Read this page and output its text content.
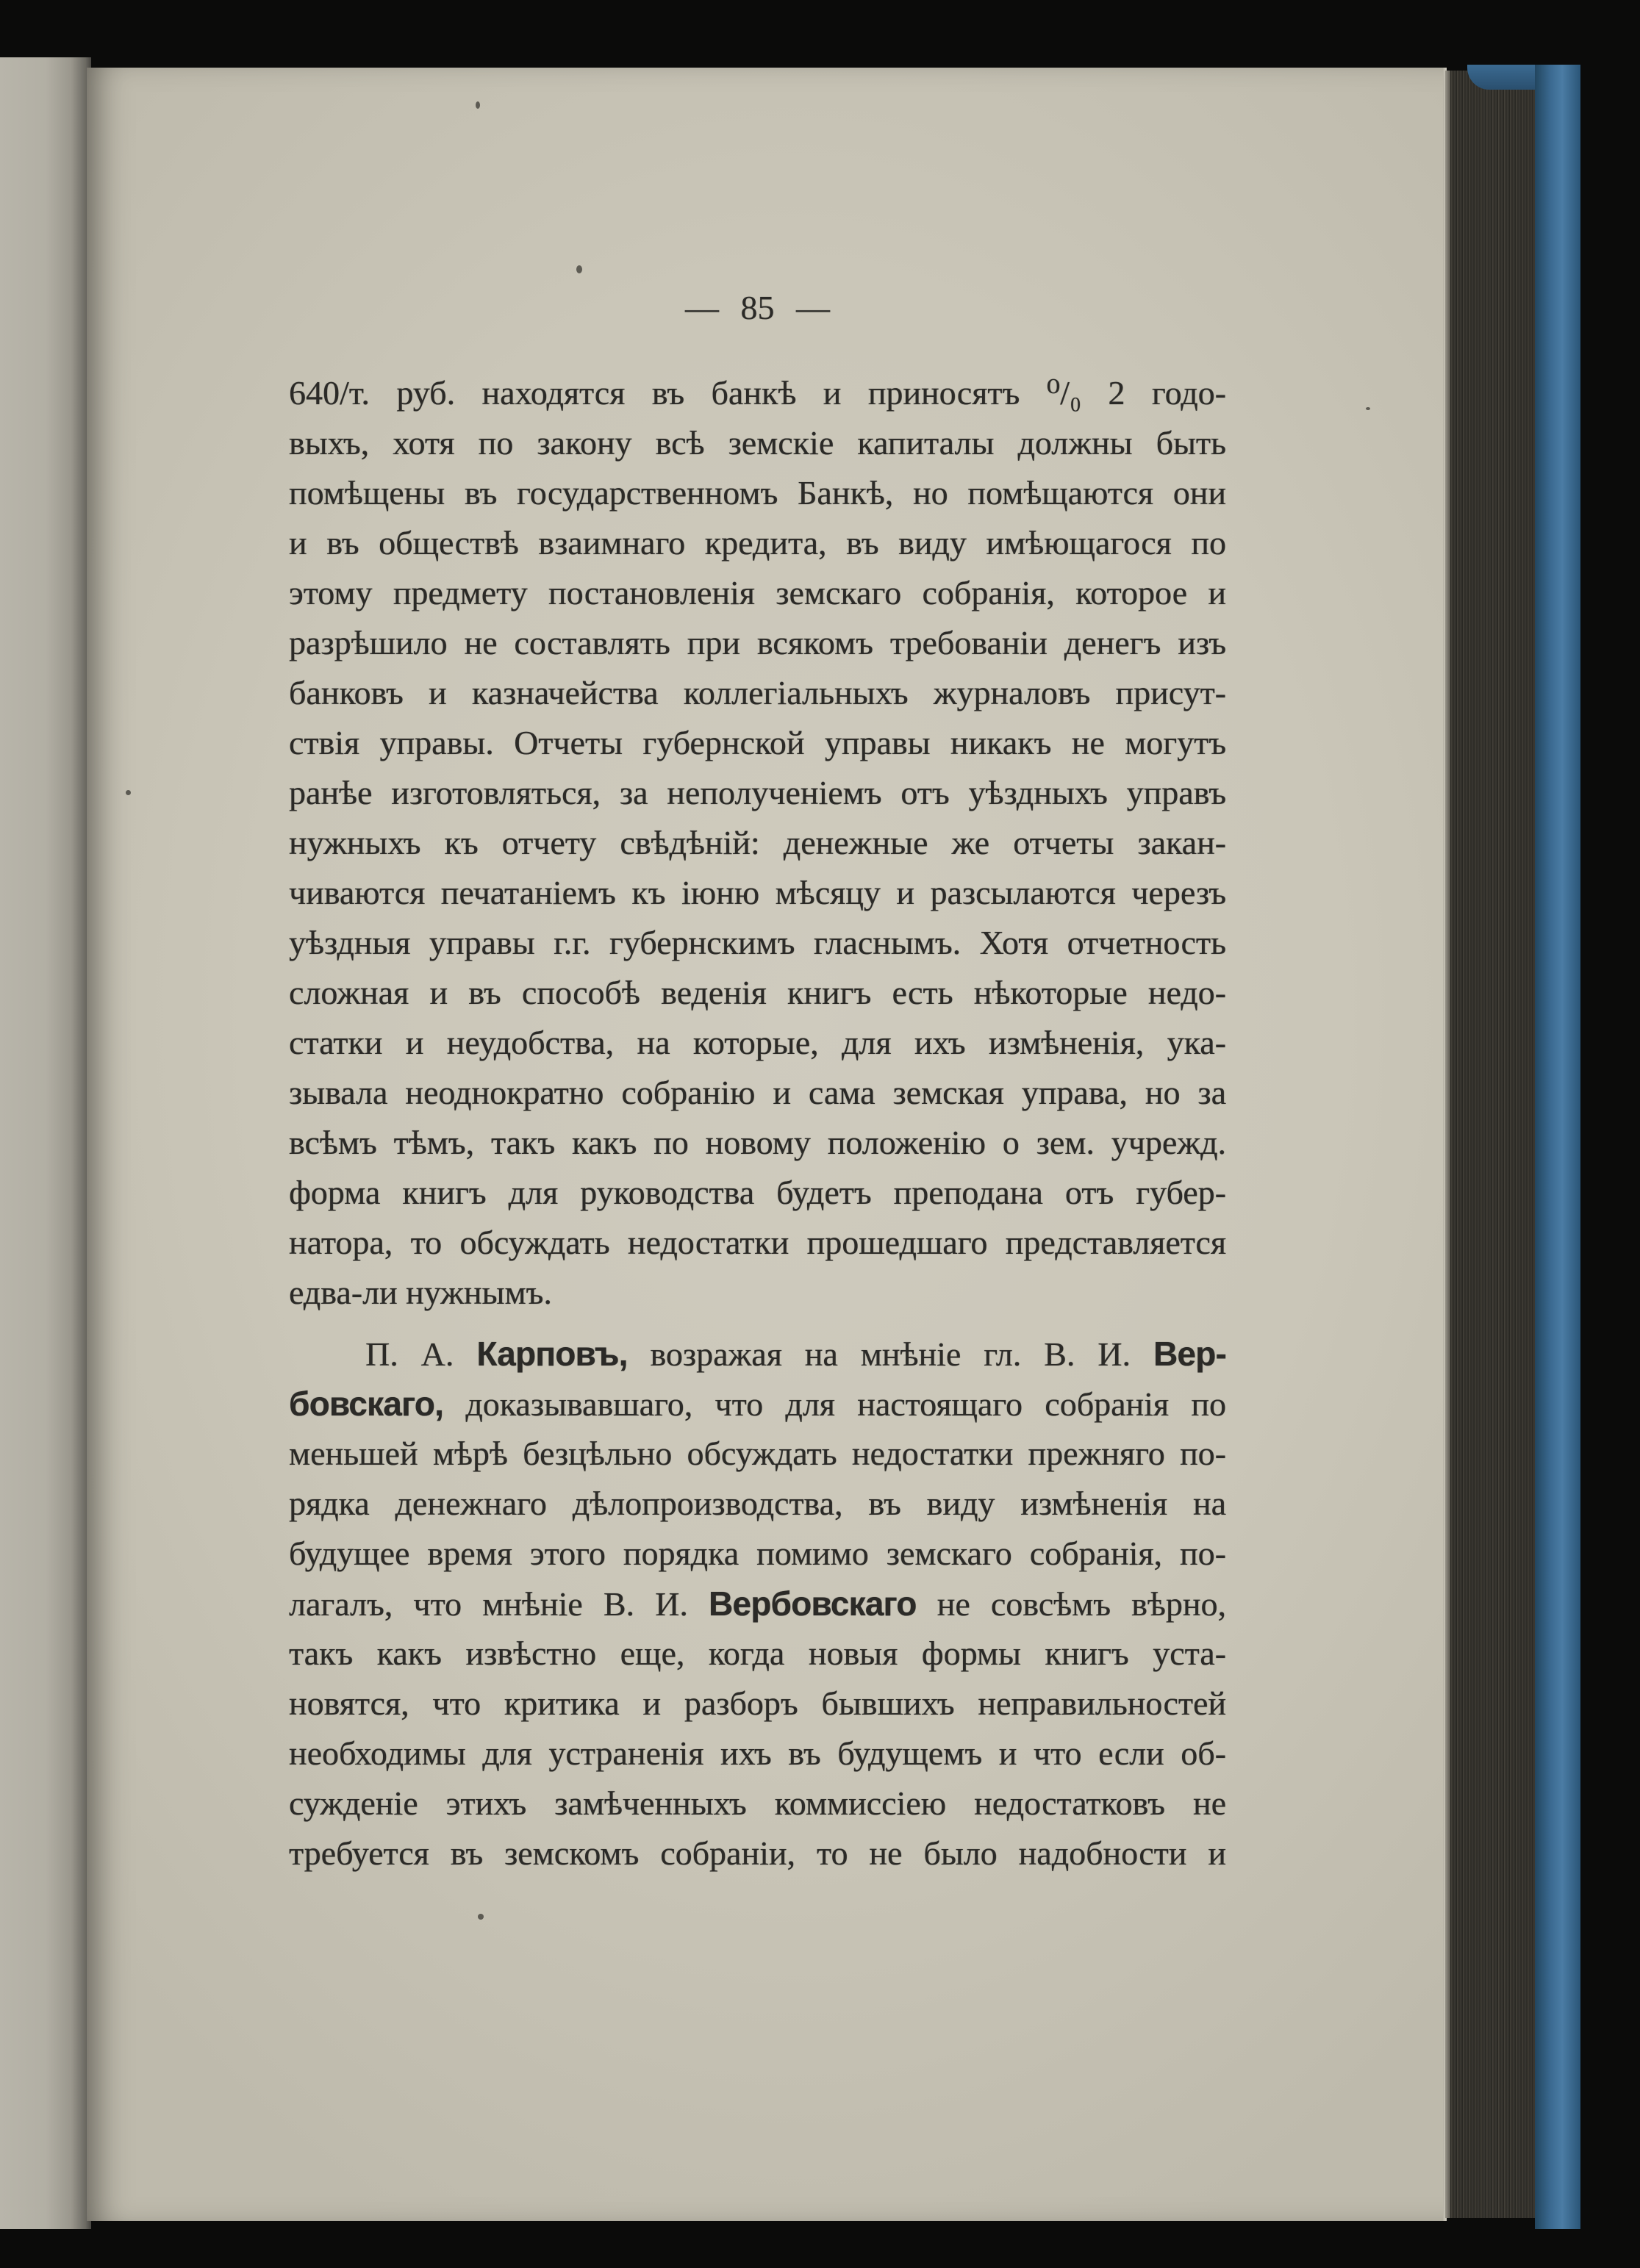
— 85 —
640/т. руб. находятся въ банкѣ и приносятъ ⁰/₀ 2 годо-
выхъ, хотя по закону всѣ земскіе капиталы должны быть
помѣщены въ государственномъ Банкѣ, но помѣщаются они
и въ обществѣ взаимнаго кредита, въ виду имѣющагося по
этому предмету постановленія земскаго собранія, которое и
разрѣшило не составлять при всякомъ требованіи денегъ изъ
банковъ и казначейства коллегіальныхъ журналовъ присут-
ствія управы. Отчеты губернской управы никакъ не могутъ
ранѣе изготовляться, за неполученіемъ отъ уѣздныхъ управъ
нужныхъ къ отчету свѣдѣній: денежные же отчеты закан-
чиваются печатаніемъ къ іюню мѣсяцу и разсылаются черезъ
уѣздныя управы г.г. губернскимъ гласнымъ. Хотя отчетность
сложная и въ способѣ веденія книгъ есть нѣкоторые недо-
статки и неудобства, на которые, для ихъ измѣненія, ука-
зывала неоднократно собранію и сама земская управа, но за
всѣмъ тѣмъ, такъ какъ по новому положенію о зем. учрежд.
форма книгъ для руководства будетъ преподана отъ губер-
натора, то обсуждать недостатки прошедшаго представляется
едва-ли нужнымъ.
П. А. Карповъ, возражая на мнѣніе гл. В. И. Вер-
бовскаго, доказывавшаго, что для настоящаго собранія по
меньшей мѣрѣ безцѣльно обсуждать недостатки прежняго по-
рядка денежнаго дѣлопроизводства, въ виду измѣненія на
будущее время этого порядка помимо земскаго собранія, по-
лагалъ, что мнѣніе В. И. Вербовскаго не совсѣмъ вѣрно,
такъ какъ извѣстно еще, когда новыя формы книгъ уста-
новятся, что критика и разборъ бывшихъ неправильностей
необходимы для устраненія ихъ въ будущемъ и что если об-
сужденіе этихъ замѣченныхъ коммиссіею недостатковъ не
требуется въ земскомъ собраніи, то не было надобности и
